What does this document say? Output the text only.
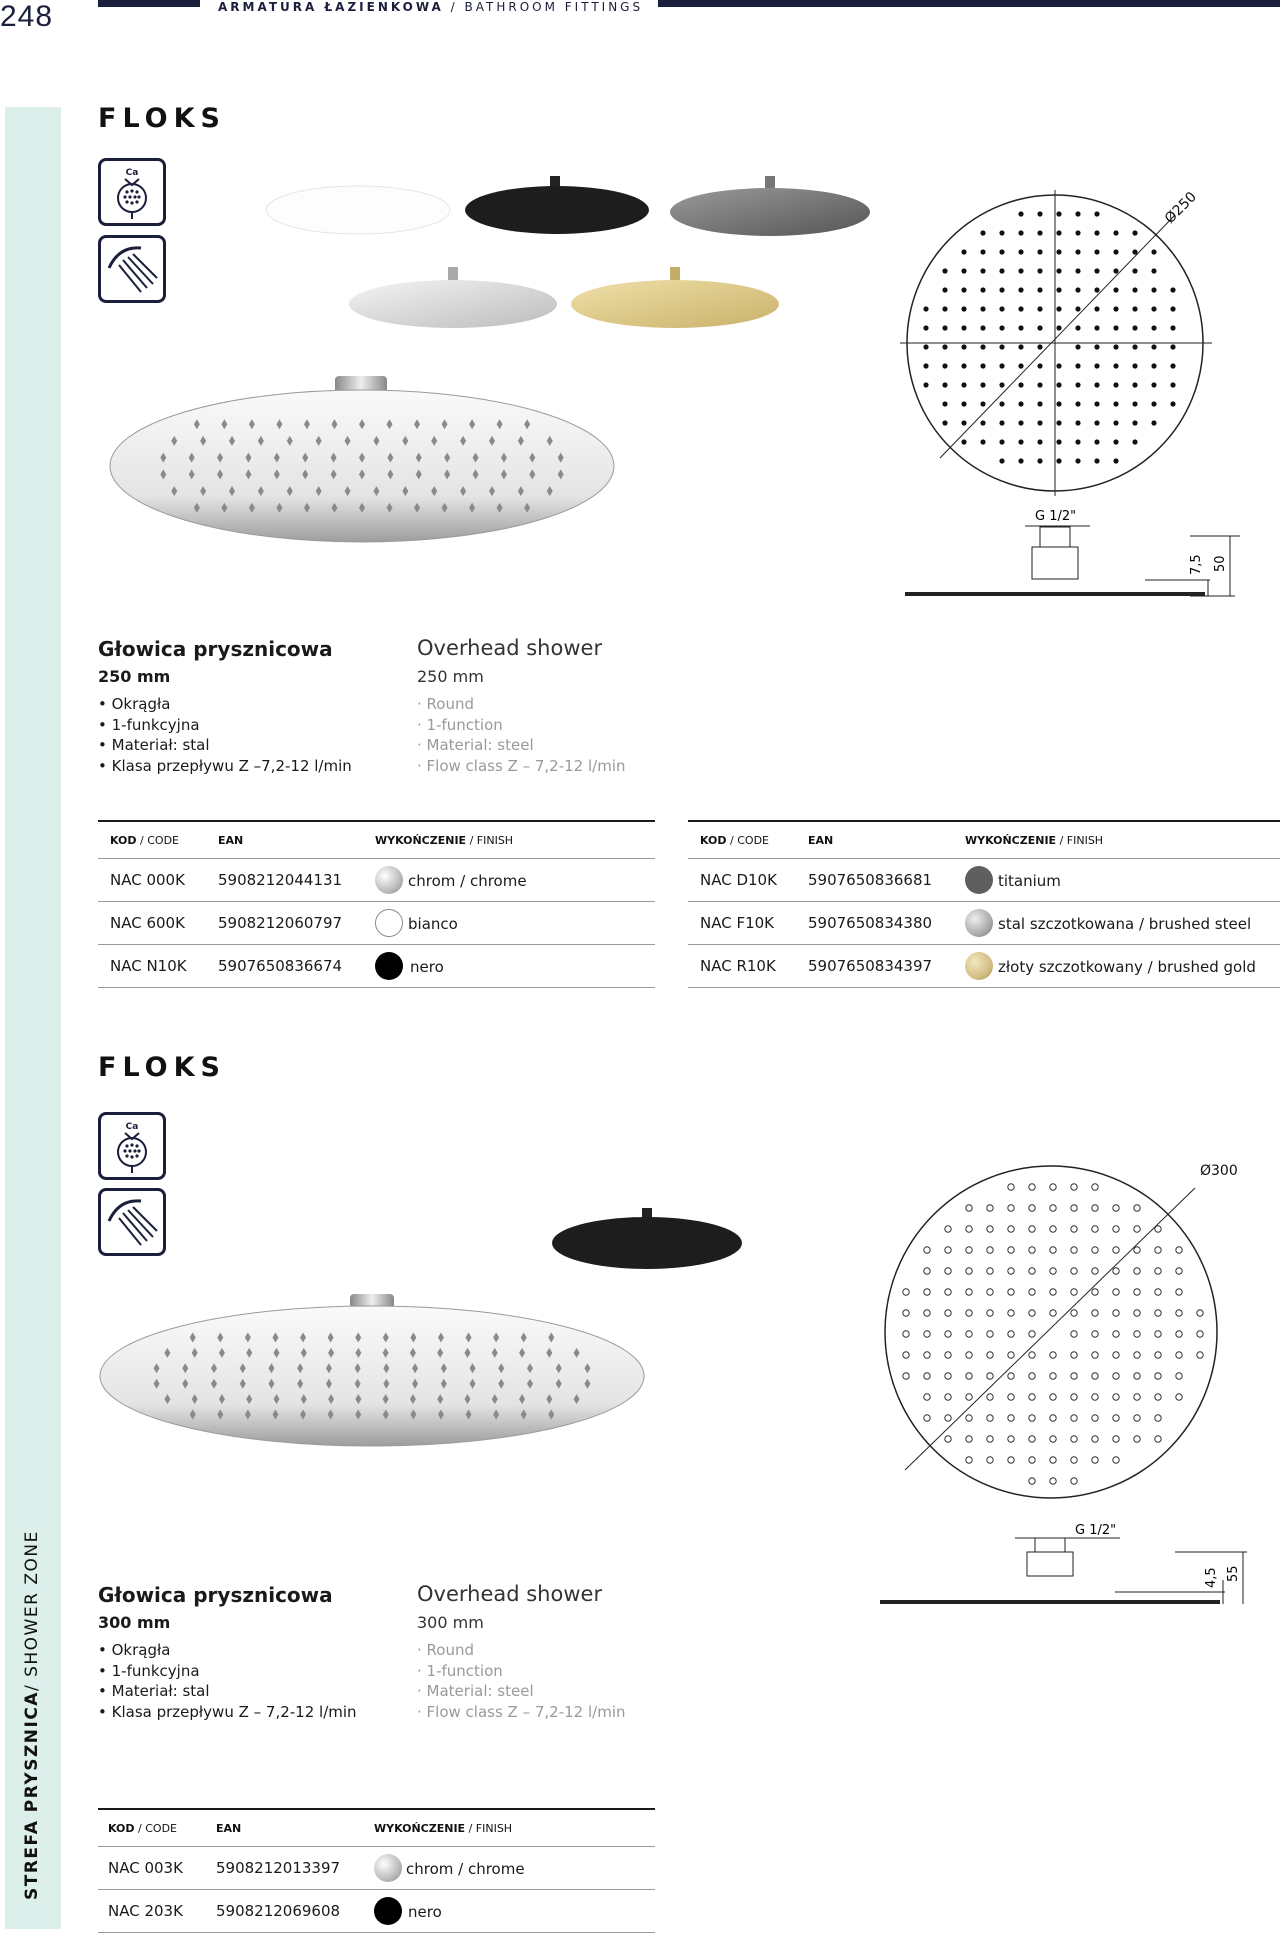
248	ARMATURA ŁAZIENKOWA / BATHROOM FITTINGS
STREFA PRYSZNICA/ SHOWER ZONE
FLOKS
Ca
G 1/2"
7,5 50
Ø250
Głowica prysznicowa
250 mm
• Okrągła
• 1-funkcyjna
• Materiał: stal
• Klasa przepływu Z –7,2-12 l/min
Overhead shower
250 mm
· Round
· 1-function
· Material: steel
· Flow class Z – 7,2-12 l/min
KOD / CODE	EAN	WYKOŃCZENIE / FINISH
NAC 000K 5908212044131	chrom / chrome
NAC 600K 5908212060797	bianco
NAC N10K 5907650836674	nero
KOD / CODE	EAN	WYKOŃCZENIE / FINISH
NAC D10K 5907650836681	titanium
NAC F10K 5907650834380	stal szczotkowana / brushed steel
NAC R10K 5907650834397	złoty szczotkowany / brushed gold
FLOKS
Ca
G 1/2"
4,5 55
Ø300
Głowica prysznicowa
300 mm
• Okrągła
• 1-funkcyjna
• Materiał: stal
• Klasa przepływu Z – 7,2-12 l/min
Overhead shower
300 mm
· Round
· 1-function
· Material: steel
· Flow class Z – 7,2-12 l/min
KOD / CODE	EAN	WYKOŃCZENIE / FINISH
NAC 003K 5908212013397	chrom / chrome
NAC 203K 5908212069608	nero
